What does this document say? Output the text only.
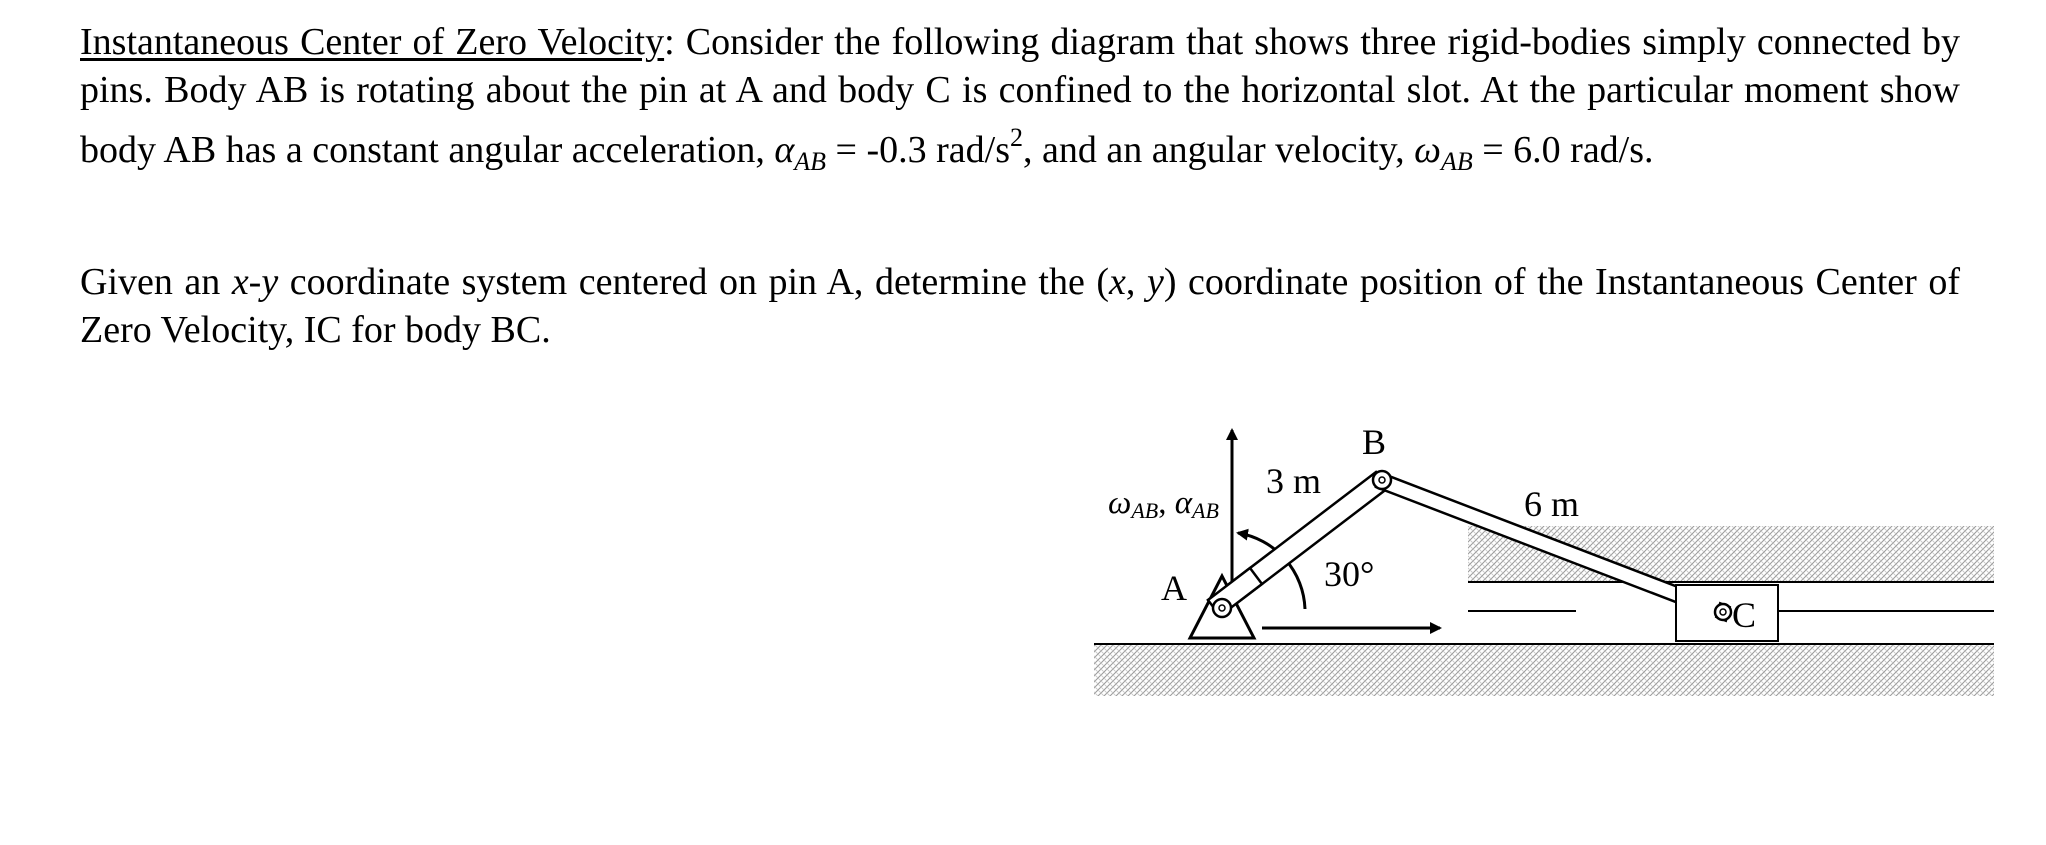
Instantaneous Center of Zero Velocity: Consider the following diagram that shows three rigid-bodies simply connected by pins. Body AB is rotating about the pin at A and body C is confined to the horizontal slot. At the particular moment show body AB has a constant angular acceleration, $\alpha_{AB} = -0.3$ rad/$s^2$, and an angular velocity, $\omega_{AB} = 6.0$ rad/s.
Given an x-y coordinate system centered on pin A, determine the (x, y) coordinate position of the Instantaneous Center of Zero Velocity, IC for body BC.
B
A
C
3 m
6 m
30°
ωAB, αAB
